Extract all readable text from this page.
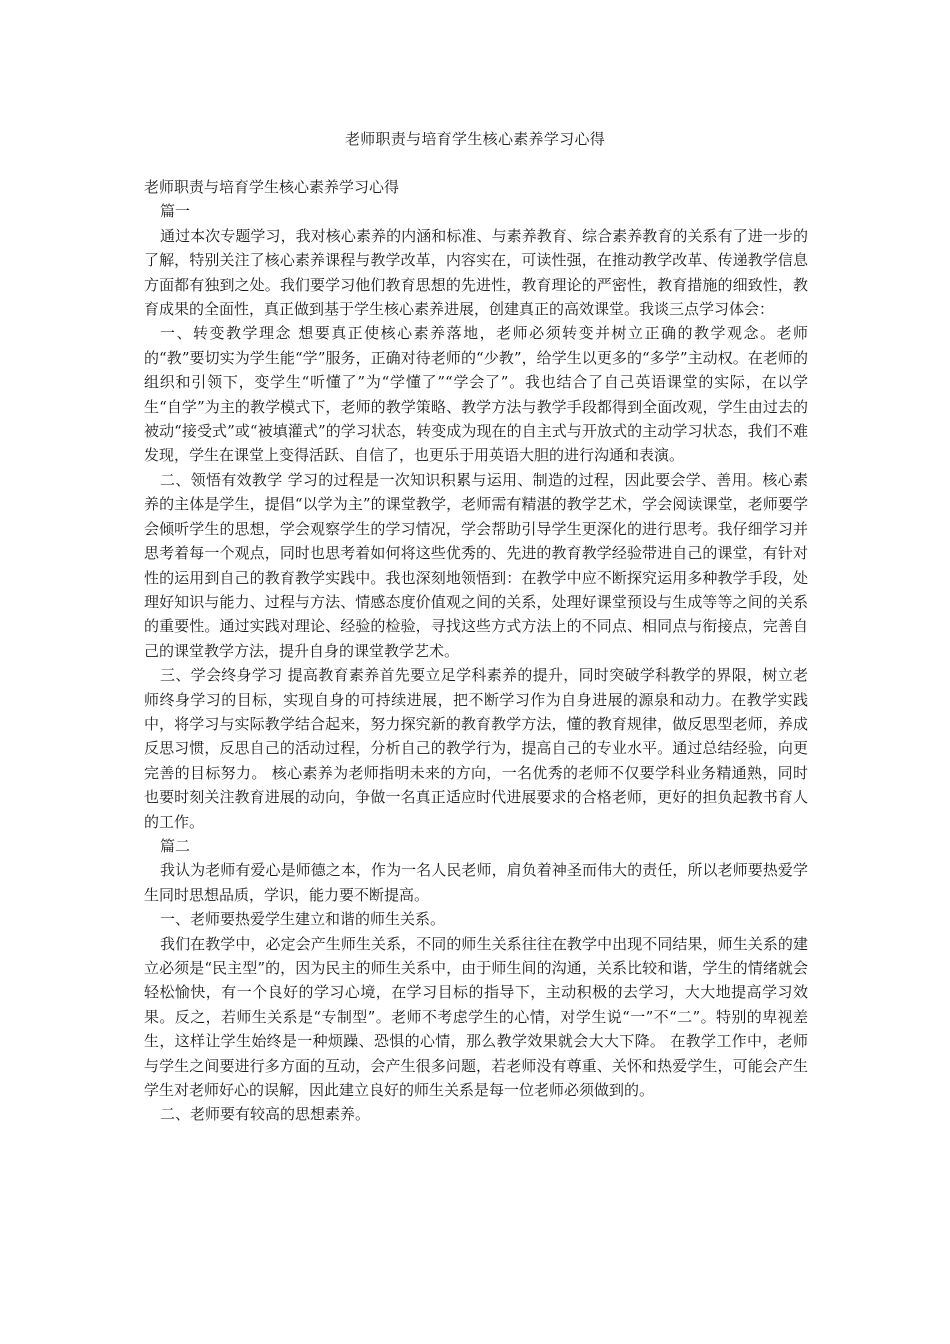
老师职责与培育学生核心素养学习心得

老师职责与培育学生核心素养学习心得

篇一

通过本次专题学习，我对核心素养的内涵和标准、与素养教育、综合素养教育的关系有了进一步的了解，特别关注了核心素养课程与教学改革，内容实在，可读性强，在推动教学改革、传递教学信息方面都有独到之处。我们要学习他们教育思想的先进性，教育理论的严密性，教育措施的细致性，教育成果的全面性，真正做到基于学生核心素养进展，创建真正的高效课堂。我谈三点学习体会：

一、转变教学理念 想要真正使核心素养落地，老师必须转变并树立正确的教学观念。老师的“教”要切实为学生能“学”服务，正确对待老师的“少教”，给学生以更多的“多学”主动权。在老师的组织和引领下，变学生“听懂了”为“学懂了”“学会了”。我也结合了自己英语课堂的实际，在以学生“自学”为主的教学模式下，老师的教学策略、教学方法与教学手段都得到全面改观，学生由过去的被动“接受式”或“被填灌式”的学习状态，转变成为现在的自主式与开放式的主动学习状态，我们不难发现，学生在课堂上变得活跃、自信了，也更乐于用英语大胆的进行沟通和表演。

二、领悟有效教学 学习的过程是一次知识积累与运用、制造的过程，因此要会学、善用。核心素养的主体是学生，提倡“以学为主”的课堂教学，老师需有精湛的教学艺术，学会阅读课堂，老师要学会倾听学生的思想，学会观察学生的学习情况，学会帮助引导学生更深化的进行思考。我仔细学习并思考着每一个观点，同时也思考着如何将这些优秀的、先进的教育教学经验带进自己的课堂，有针对性的运用到自己的教育教学实践中。我也深刻地领悟到：在教学中应不断探究运用多种教学手段，处理好知识与能力、过程与方法、情感态度价值观之间的关系，处理好课堂预设与生成等等之间的关系的重要性。通过实践对理论、经验的检验，寻找这些方式方法上的不同点、相同点与衔接点，完善自己的课堂教学方法，提升自身的课堂教学艺术。

三、学会终身学习 提高教育素养首先要立足学科素养的提升，同时突破学科教学的界限，树立老师终身学习的目标，实现自身的可持续进展，把不断学习作为自身进展的源泉和动力。在教学实践中，将学习与实际教学结合起来，努力探究新的教育教学方法，懂的教育规律，做反思型老师，养成反思习惯，反思自己的活动过程，分析自己的教学行为，提高自己的专业水平。通过总结经验，向更完善的目标努力。 核心素养为老师指明未来的方向，一名优秀的老师不仅要学科业务精通熟，同时也要时刻关注教育进展的动向，争做一名真正适应时代进展要求的合格老师，更好的担负起教书育人的工作。

篇二

我认为老师有爱心是师德之本，作为一名人民老师，肩负着神圣而伟大的责任，所以老师要热爱学生同时思想品质，学识，能力要不断提高。

一、老师要热爱学生建立和谐的师生关系。

我们在教学中，必定会产生师生关系，不同的师生关系往往在教学中出现不同结果，师生关系的建立必须是“民主型”的，因为民主的师生关系中，由于师生间的沟通，关系比较和谐，学生的情绪就会轻松愉快，有一个良好的学习心境，在学习目标的指导下，主动积极的去学习，大大地提高学习效果。反之，若师生关系是“专制型”。老师不考虑学生的心情，对学生说“一”不“二”。特别的卑视差生，这样让学生始终是一种烦躁、恐惧的心情，那么教学效果就会大大下降。 在教学工作中，老师与学生之间要进行多方面的互动，会产生很多问题，若老师没有尊重、关怀和热爱学生，可能会产生学生对老师好心的误解，因此建立良好的师生关系是每一位老师必须做到的。

二、老师要有较高的思想素养。
